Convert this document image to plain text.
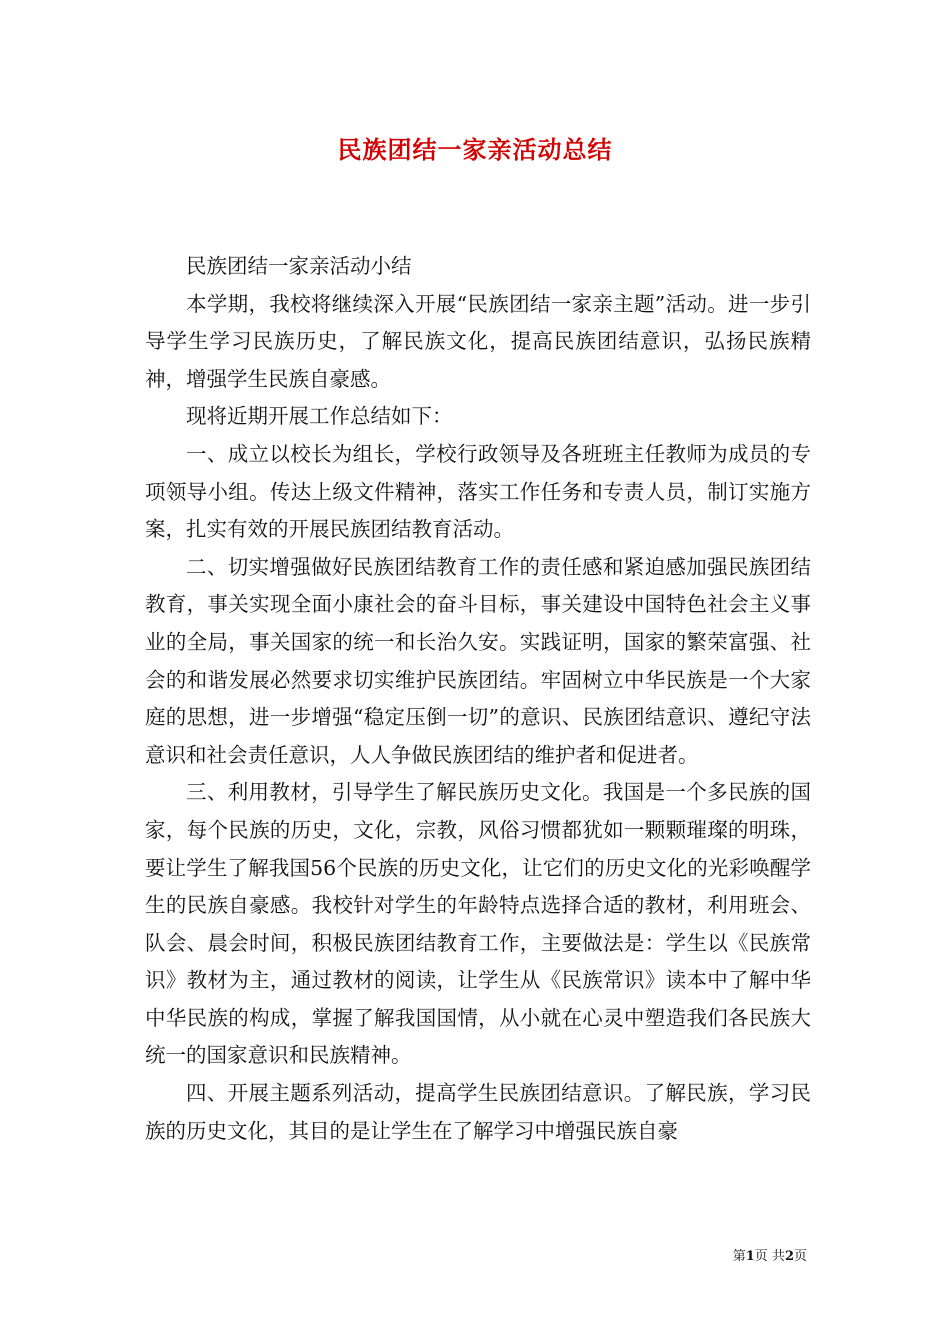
民族团结一家亲活动总结

民族团结一家亲活动小结

本学期，我校将继续深入开展“民族团结一家亲主题”活动。进一步引导学生学习民族历史，了解民族文化，提高民族团结意识，弘扬民族精神，增强学生民族自豪感。

现将近期开展工作总结如下：

一、成立以校长为组长，学校行政领导及各班班主任教师为成员的专项领导小组。传达上级文件精神，落实工作任务和专责人员，制订实施方案，扎实有效的开展民族团结教育活动。

二、切实增强做好民族团结教育工作的责任感和紧迫感加强民族团结教育，事关实现全面小康社会的奋斗目标，事关建设中国特色社会主义事业的全局，事关国家的统一和长治久安。实践证明，国家的繁荣富强、社会的和谐发展必然要求切实维护民族团结。牢固树立中华民族是一个大家庭的思想，进一步增强“稳定压倒一切”的意识、民族团结意识、遵纪守法意识和社会责任意识，人人争做民族团结的维护者和促进者。

三、利用教材，引导学生了解民族历史文化。我国是一个多民族的国家，每个民族的历史，文化，宗教，风俗习惯都犹如一颗颗璀璨的明珠，要让学生了解我国56个民族的历史文化，让它们的历史文化的光彩唤醒学生的民族自豪感。我校针对学生的年龄特点选择合适的教材，利用班会、队会、晨会时间，积极民族团结教育工作，主要做法是：学生以《民族常识》教材为主，通过教材的阅读，让学生从《民族常识》读本中了解中华中华民族的构成，掌握了解我国国情，从小就在心灵中塑造我们各民族大统一的国家意识和民族精神。

四、开展主题系列活动，提高学生民族团结意识。了解民族，学习民族的历史文化，其目的是让学生在了解学习中增强民族自豪

第1页 共2页
